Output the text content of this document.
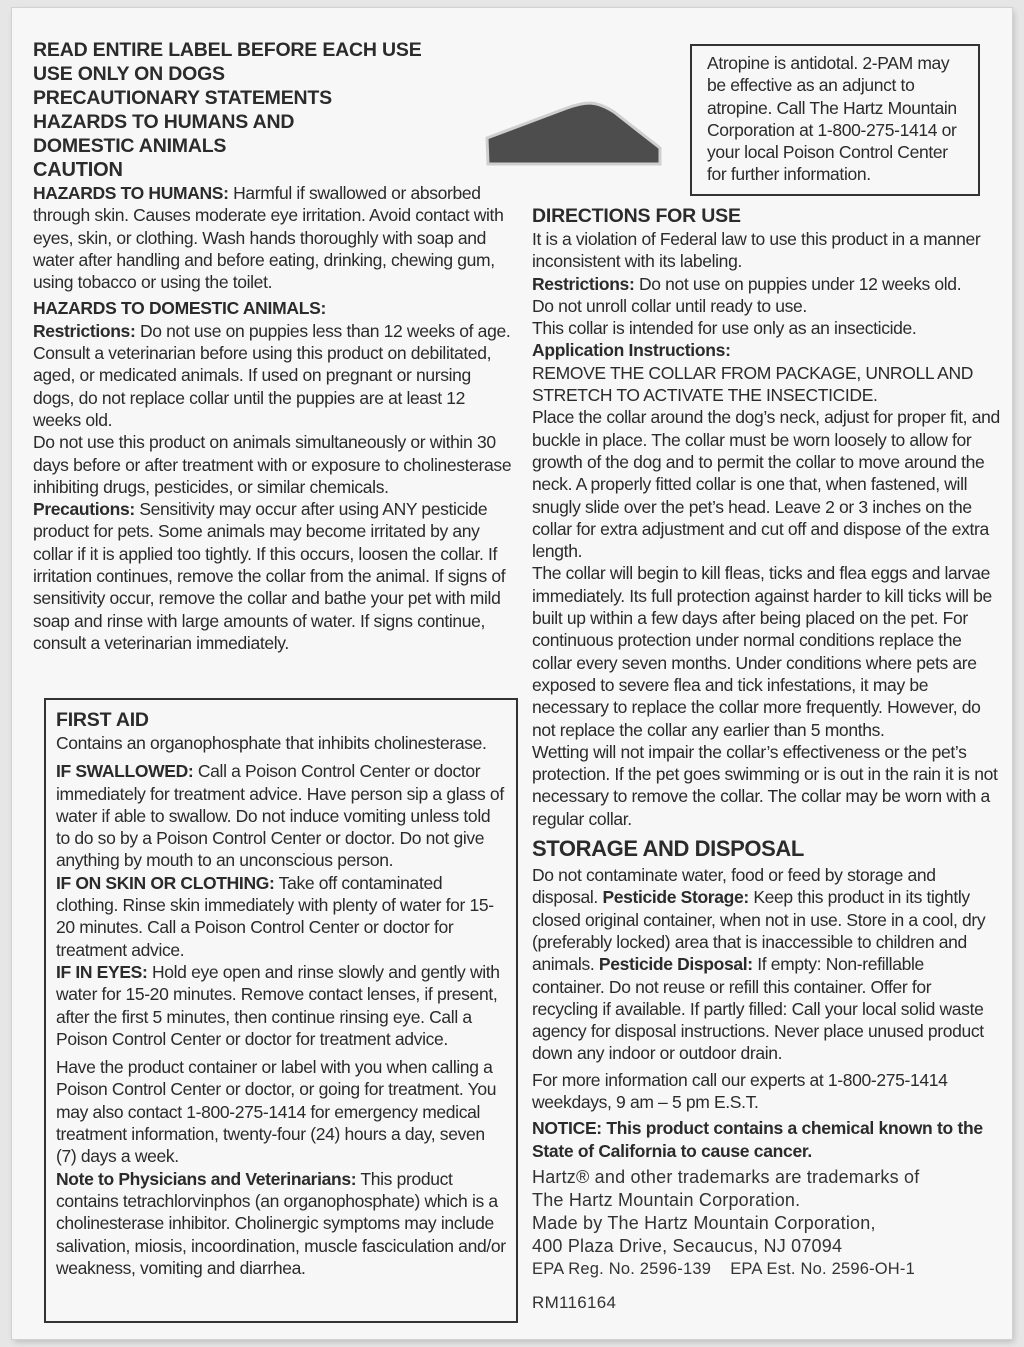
READ ENTIRE LABEL BEFORE EACH USE

USE ONLY ON DOGS

PRECAUTIONARY STATEMENTS

HAZARDS TO HUMANS AND

DOMESTIC ANIMALS

CAUTION

HAZARDS TO HUMANS: Harmful if swallowed or absorbed through skin. Causes moderate eye irritation. Avoid contact with eyes, skin, or clothing. Wash hands thoroughly with soap and water after handling and before eating, drinking, chewing gum, using tobacco or using the toilet.

HAZARDS TO DOMESTIC ANIMALS:

Restrictions: Do not use on puppies less than 12 weeks of age. Consult a veterinarian before using this product on debilitated, aged, or medicated animals. If used on pregnant or nursing dogs, do not replace collar until the puppies are at least 12 weeks old.

Do not use this product on animals simultaneously or within 30 days before or after treatment with or exposure to cholinesterase inhibiting drugs, pesticides, or similar chemicals.

Precautions: Sensitivity may occur after using ANY pesticide product for pets. Some animals may become irritated by any collar if it is applied too tightly. If this occurs, loosen the collar. If irritation continues, remove the collar from the animal. If signs of sensitivity occur, remove the collar and bathe your pet with mild soap and rinse with large amounts of water. If signs continue, consult a veterinarian immediately.

FIRST AID

Contains an organophosphate that inhibits cholinesterase.

IF SWALLOWED: Call a Poison Control Center or doctor immediately for treatment advice. Have person sip a glass of water if able to swallow. Do not induce vomiting unless told to do so by a Poison Control Center or doctor. Do not give anything by mouth to an unconscious person.

IF ON SKIN OR CLOTHING: Take off contaminated clothing. Rinse skin immediately with plenty of water for 15-20 minutes. Call a Poison Control Center or doctor for treatment advice.

IF IN EYES: Hold eye open and rinse slowly and gently with water for 15-20 minutes. Remove contact lenses, if present, after the first 5 minutes, then continue rinsing eye. Call a Poison Control Center or doctor for treatment advice.

Have the product container or label with you when calling a Poison Control Center or doctor, or going for treatment. You may also contact 1-800-275-1414 for emergency medical treatment information, twenty-four (24) hours a day, seven (7) days a week.

Note to Physicians and Veterinarians: This product contains tetrachlorvinphos (an organophosphate) which is a cholinesterase inhibitor. Cholinergic symptoms may include salivation, miosis, incoordination, muscle fasciculation and/or weakness, vomiting and diarrhea.

Atropine is antidotal. 2-PAM may be effective as an adjunct to atropine. Call The Hartz Mountain Corporation at 1-800-275-1414 or your local Poison Control Center for further information.

DIRECTIONS FOR USE

It is a violation of Federal law to use this product in a manner inconsistent with its labeling.

Restrictions: Do not use on puppies under 12 weeks old.

Do not unroll collar until ready to use.

This collar is intended for use only as an insecticide.

Application Instructions:

REMOVE THE COLLAR FROM PACKAGE, UNROLL AND STRETCH TO ACTIVATE THE INSECTICIDE.

Place the collar around the dog’s neck, adjust for proper fit, and buckle in place. The collar must be worn loosely to allow for growth of the dog and to permit the collar to move around the neck. A properly fitted collar is one that, when fastened, will snugly slide over the pet’s head. Leave 2 or 3 inches on the collar for extra adjustment and cut off and dispose of the extra length.

The collar will begin to kill fleas, ticks and flea eggs and larvae immediately. Its full protection against harder to kill ticks will be built up within a few days after being placed on the pet. For continuous protection under normal conditions replace the collar every seven months. Under conditions where pets are exposed to severe flea and tick infestations, it may be necessary to replace the collar more frequently. However, do not replace the collar any earlier than 5 months.

Wetting will not impair the collar’s effectiveness or the pet’s protection. If the pet goes swimming or is out in the rain it is not necessary to remove the collar. The collar may be worn with a regular collar.

STORAGE AND DISPOSAL

Do not contaminate water, food or feed by storage and disposal. Pesticide Storage: Keep this product in its tightly closed original container, when not in use. Store in a cool, dry (preferably locked) area that is inaccessible to children and animals. Pesticide Disposal: If empty: Non-refillable container. Do not reuse or refill this container. Offer for recycling if available. If partly filled: Call your local solid waste agency for disposal instructions. Never place unused product down any indoor or outdoor drain.

For more information call our experts at 1-800-275-1414 weekdays, 9 am – 5 pm E.S.T.

NOTICE: This product contains a chemical known to the State of California to cause cancer.

Hartz® and other trademarks are trademarks of

The Hartz Mountain Corporation.

Made by The Hartz Mountain Corporation,

400 Plaza Drive, Secaucus, NJ 07094

EPA Reg. No. 2596-139    EPA Est. No. 2596-OH-1

RM116164
